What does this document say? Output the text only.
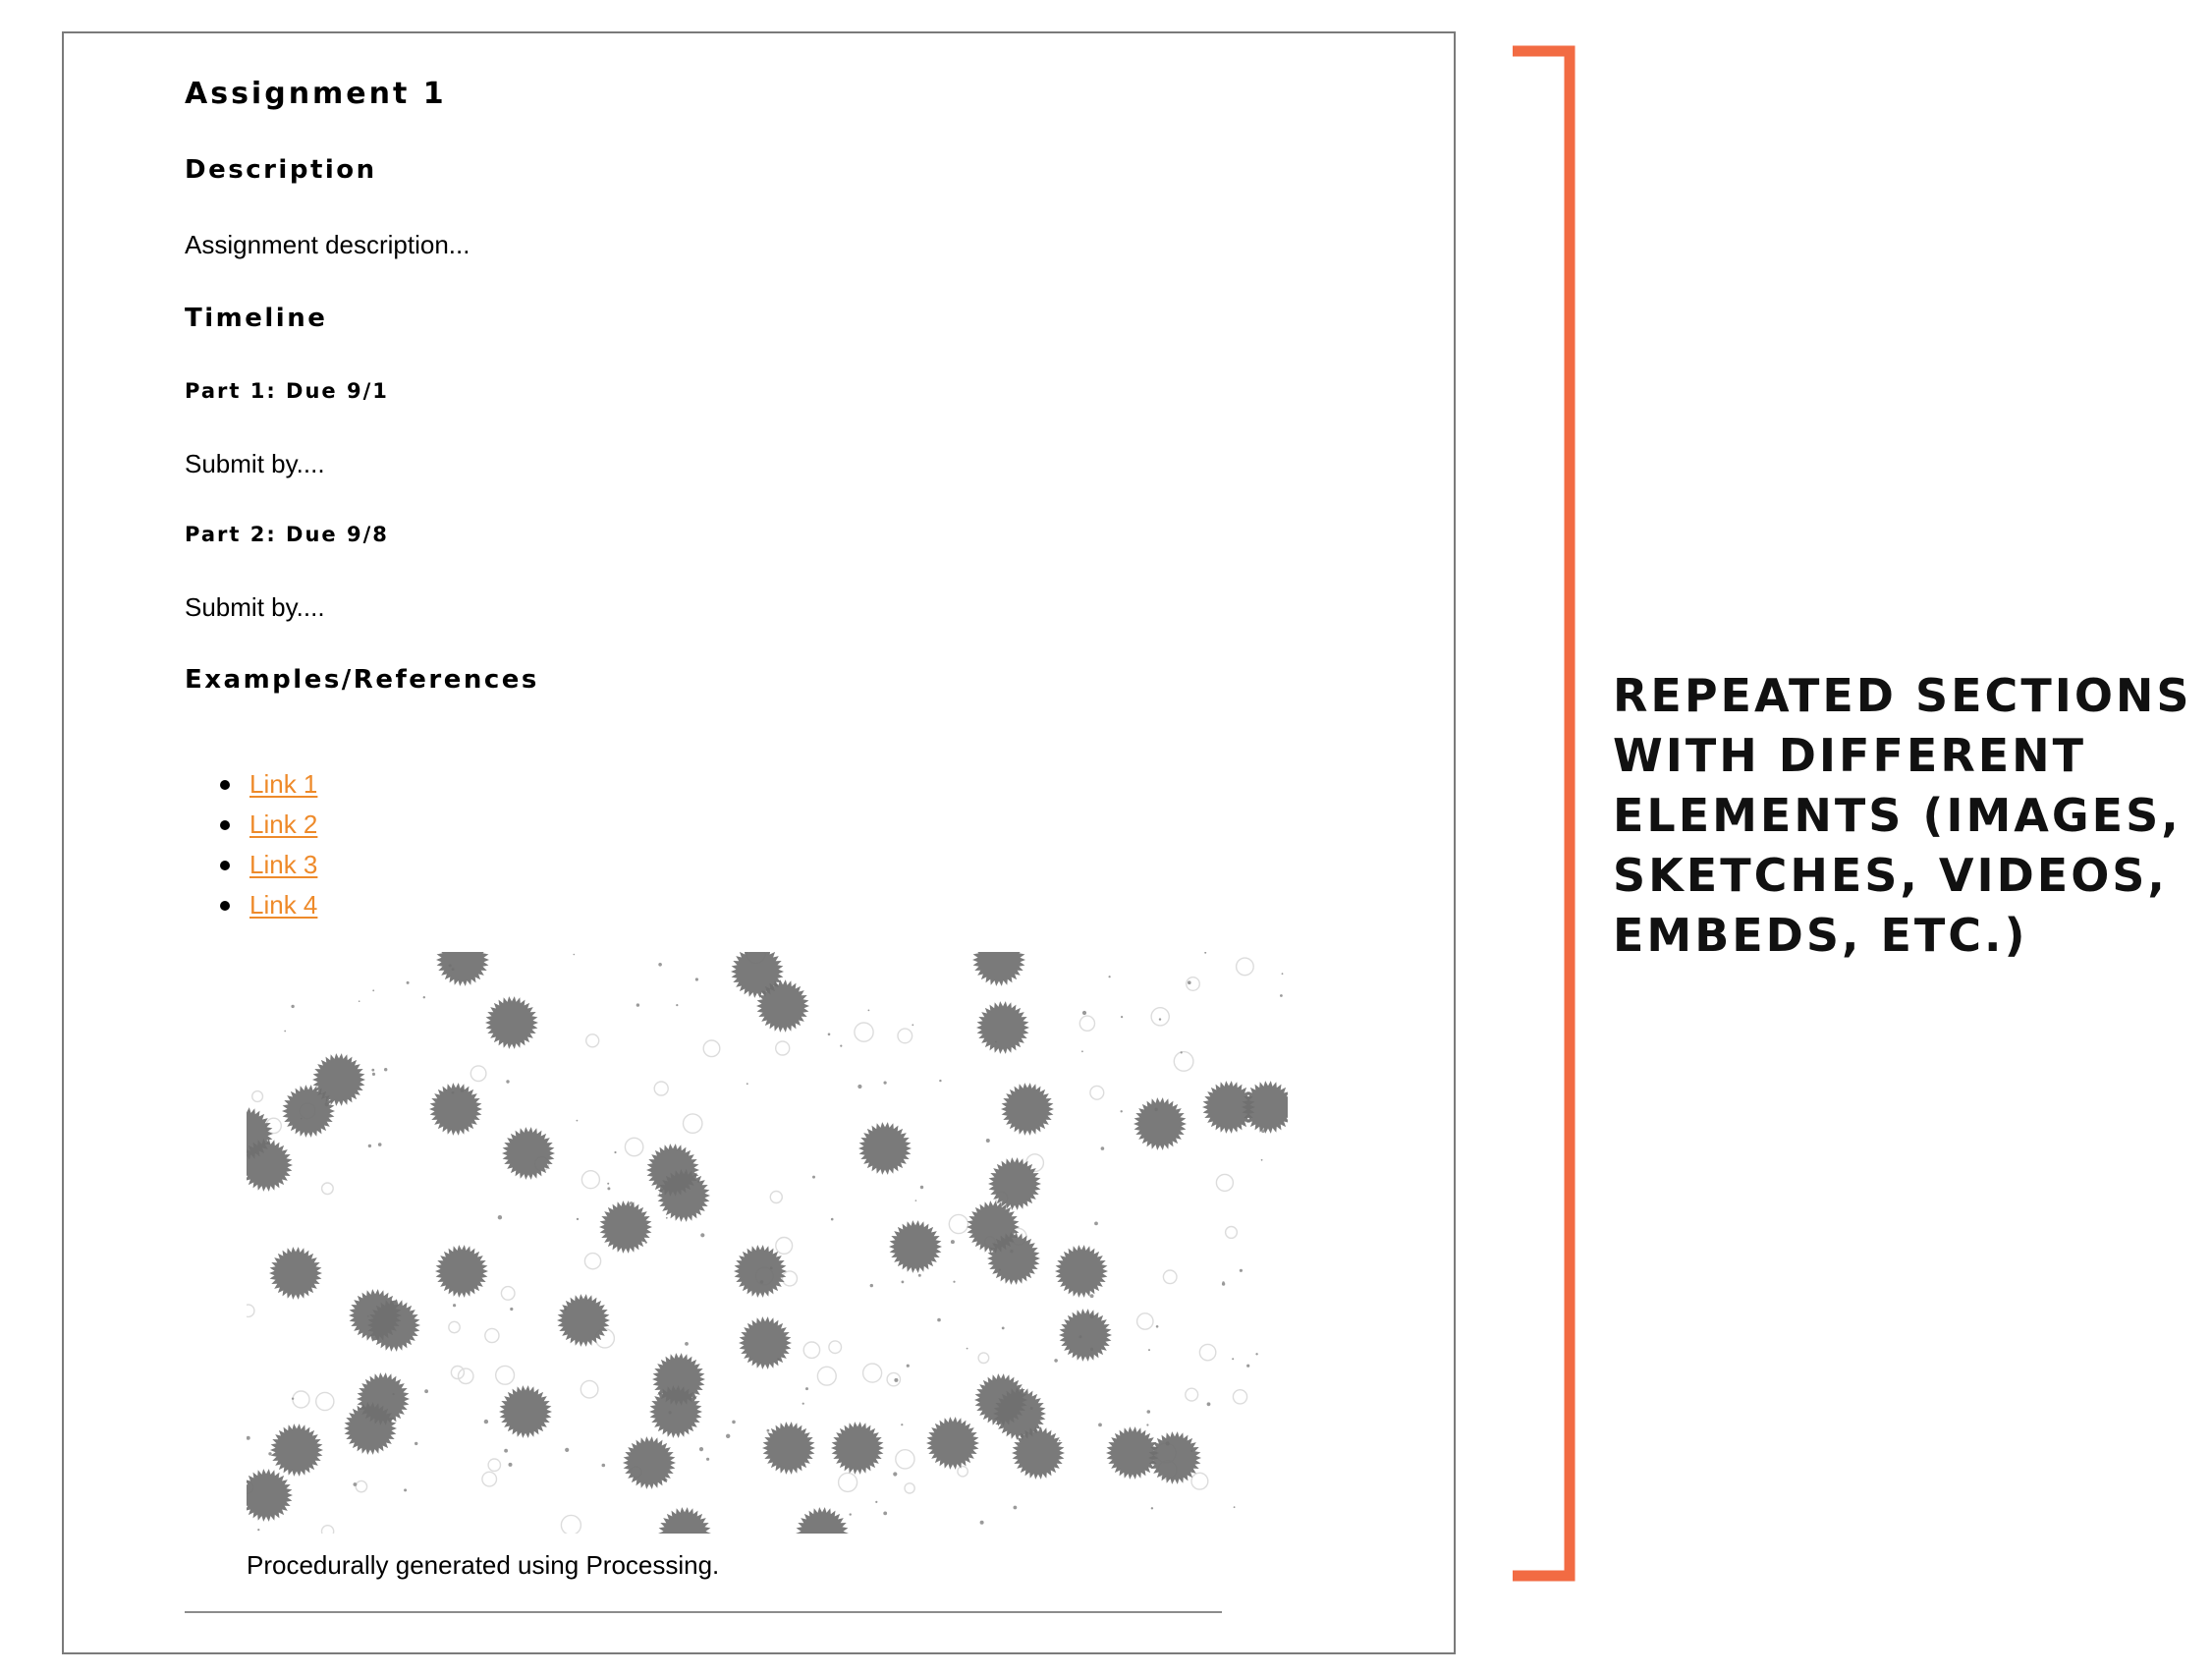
Assignment 1
Description

Assignment description...

Timeline
Part 1: Due 9/1

Submit by....

Part 2: Due 9/8

Submit by....

Examples/References
Link 1
Link 2
Link 3
Link 4
Procedurally generated using Processing.
REPEATED SECTIONS
WITH DIFFERENT
ELEMENTS (IMAGES,
SKETCHES, VIDEOS,
EMBEDS, ETC.)
